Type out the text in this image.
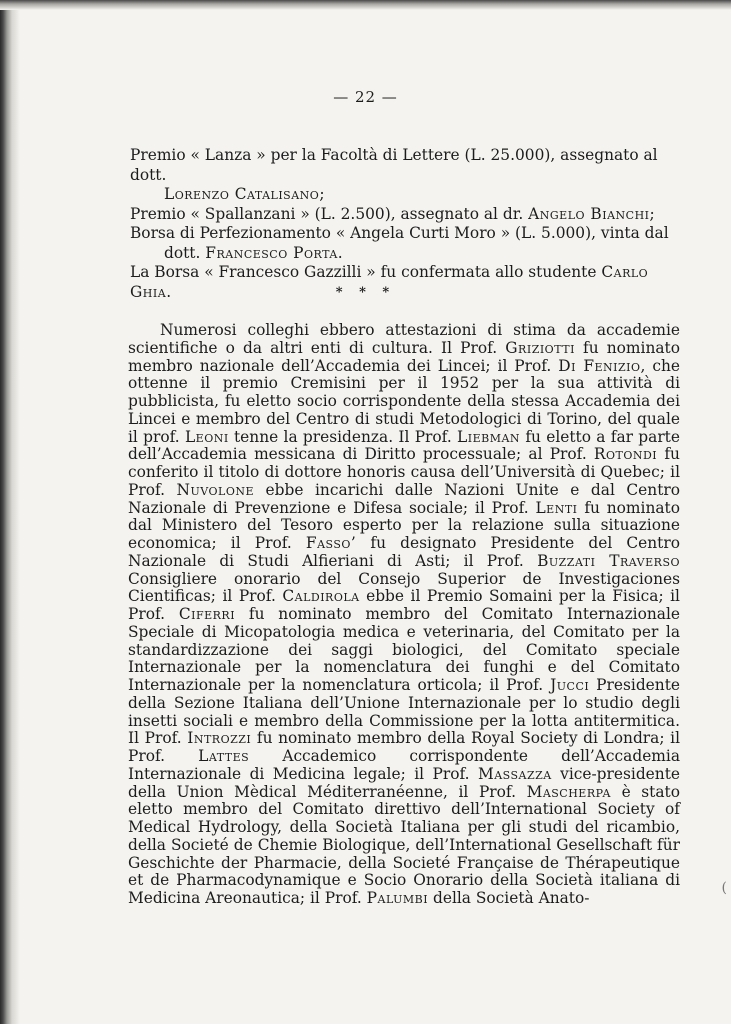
— 22 —

Premio « Lanza » per la Facoltà di Lettere (L. 25.000), assegnato al dott.
Lorenzo Catalisano;

Premio « Spallanzani » (L. 2.500), assegnato al dr. Angelo Bianchi;

Borsa di Perfezionamento « Angela Curti Moro » (L. 5.000), vinta dal
dott. Francesco Porta.

La Borsa « Francesco Gazzilli » fu confermata allo studente Carlo Ghia.	* * *

Numerosi colleghi ebbero attestazioni di stima da accademie scientifiche o da altri enti di cultura. Il Prof. Griziotti fu nominato membro nazionale dell’Accademia dei Lincei; il Prof. Di Fenizio, che ottenne il premio Cremisini per il 1952 per la sua attività di pubblicista, fu eletto socio corrispondente della stessa Accademia dei Lincei e membro del Centro di studi Metodologici di Torino, del quale il prof. Leoni tenne la presidenza. Il Prof. Liebman fu eletto a far parte dell’Accademia messicana di Diritto processuale; al Prof. Rotondi fu conferito il titolo di dottore honoris causa dell’Università di Quebec; il Prof. Nuvolone ebbe incarichi dalle Nazioni Unite e dal Centro Nazionale di Prevenzione e Difesa sociale; il Prof. Lenti fu nominato dal Ministero del Tesoro esperto per la relazione sulla situazione economica; il Prof. Fasso’ fu designato Presidente del Centro Nazionale di Studi Alfieriani di Asti; il Prof. Buzzati Traverso Consigliere onorario del Consejo Superior de Investigaciones Cientificas; il Prof. Caldirola ebbe il Premio Somaini per la Fisica; il Prof. Ciferri fu nominato membro del Comitato Internazionale Speciale di Micopatologia medica e veterinaria, del Comitato per la standardizzazione dei saggi biologici, del Comitato speciale Internazionale per la nomenclatura dei funghi e del Comitato Internazionale per la nomenclatura orticola; il Prof. Jucci Presidente della Sezione Italiana dell’Unione Internazionale per lo studio degli insetti sociali e membro della Commissione per la lotta antitermitica. Il Prof. Introzzi fu nominato membro della Royal Society di Londra; il Prof. Lattes Accademico corrispondente dell’Accademia Internazionale di Medicina legale; il Prof. Massazza vice-presidente della Union Mèdical Méditerranéenne, il Prof. Mascherpa è stato eletto membro del Comitato direttivo dell’International Society of Medical Hydrology, della Società Italiana per gli studi del ricambio, della Societé de Chemie Biologique, dell’International Gesellschaft für Geschichte der Pharmacie, della Societé Française de Thérapeutique et de Pharmacodynamique e Socio Onorario della Società italiana di Medicina Areonautica; il Prof. Palumbi della Società Anato-

(
